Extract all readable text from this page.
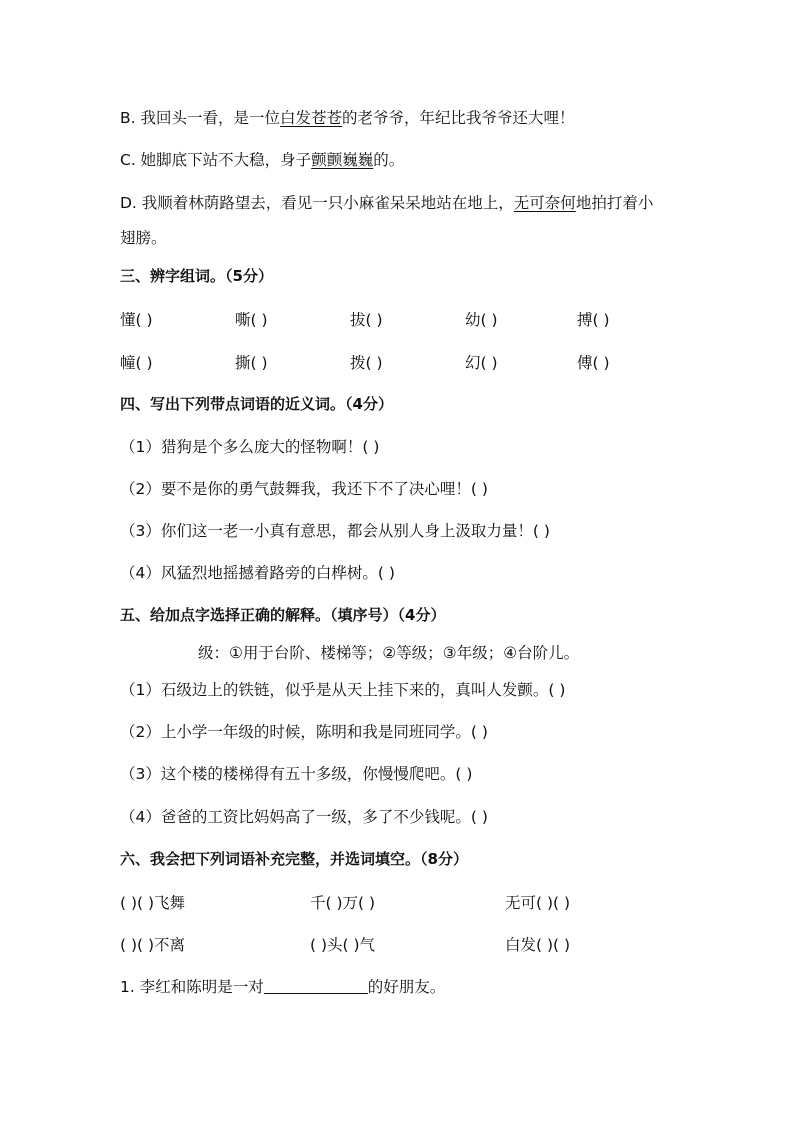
B. 我回头一看，是一位白发苍苍的老爷爷，年纪比我爷爷还大哩！
C. 她脚底下站不大稳，身子颤颤巍巍的。
D. 我顺着林荫路望去，看见一只小麻雀呆呆地站在地上，无可奈何地拍打着小
翅膀。
三、辨字组词。（5分）
懂( )	嘶( )	拔( )	幼( )	搏( )
幢( )	撕( )	拨( )	幻( )	傅( )
四、写出下列带点词语的近义词。（4分）
（1）猎狗是个多么庞大的怪物啊！( )
（2）要不是你的勇气鼓舞我，我还下不了决心哩！( )
（3）你们这一老一小真有意思，都会从别人身上汲取力量！( )
（4）风猛烈地摇撼着路旁的白桦树。( )
五、给加点字选择正确的解释。（填序号）（4分）
级：①用于台阶、楼梯等；②等级；③年级；④台阶儿。
（1）石级边上的铁链，似乎是从天上挂下来的，真叫人发颤。( )
（2）上小学一年级的时候，陈明和我是同班同学。( )
（3）这个楼的楼梯得有五十多级，你慢慢爬吧。( )
（4）爸爸的工资比妈妈高了一级，多了不少钱呢。( )
六、我会把下列词语补充完整，并选词填空。（8分）
( )( )飞舞	千( )万( )	无可( )( )
( )( )不离	( )头( )气	白发( )( )
1. 李红和陈明是一对	的好朋友。
